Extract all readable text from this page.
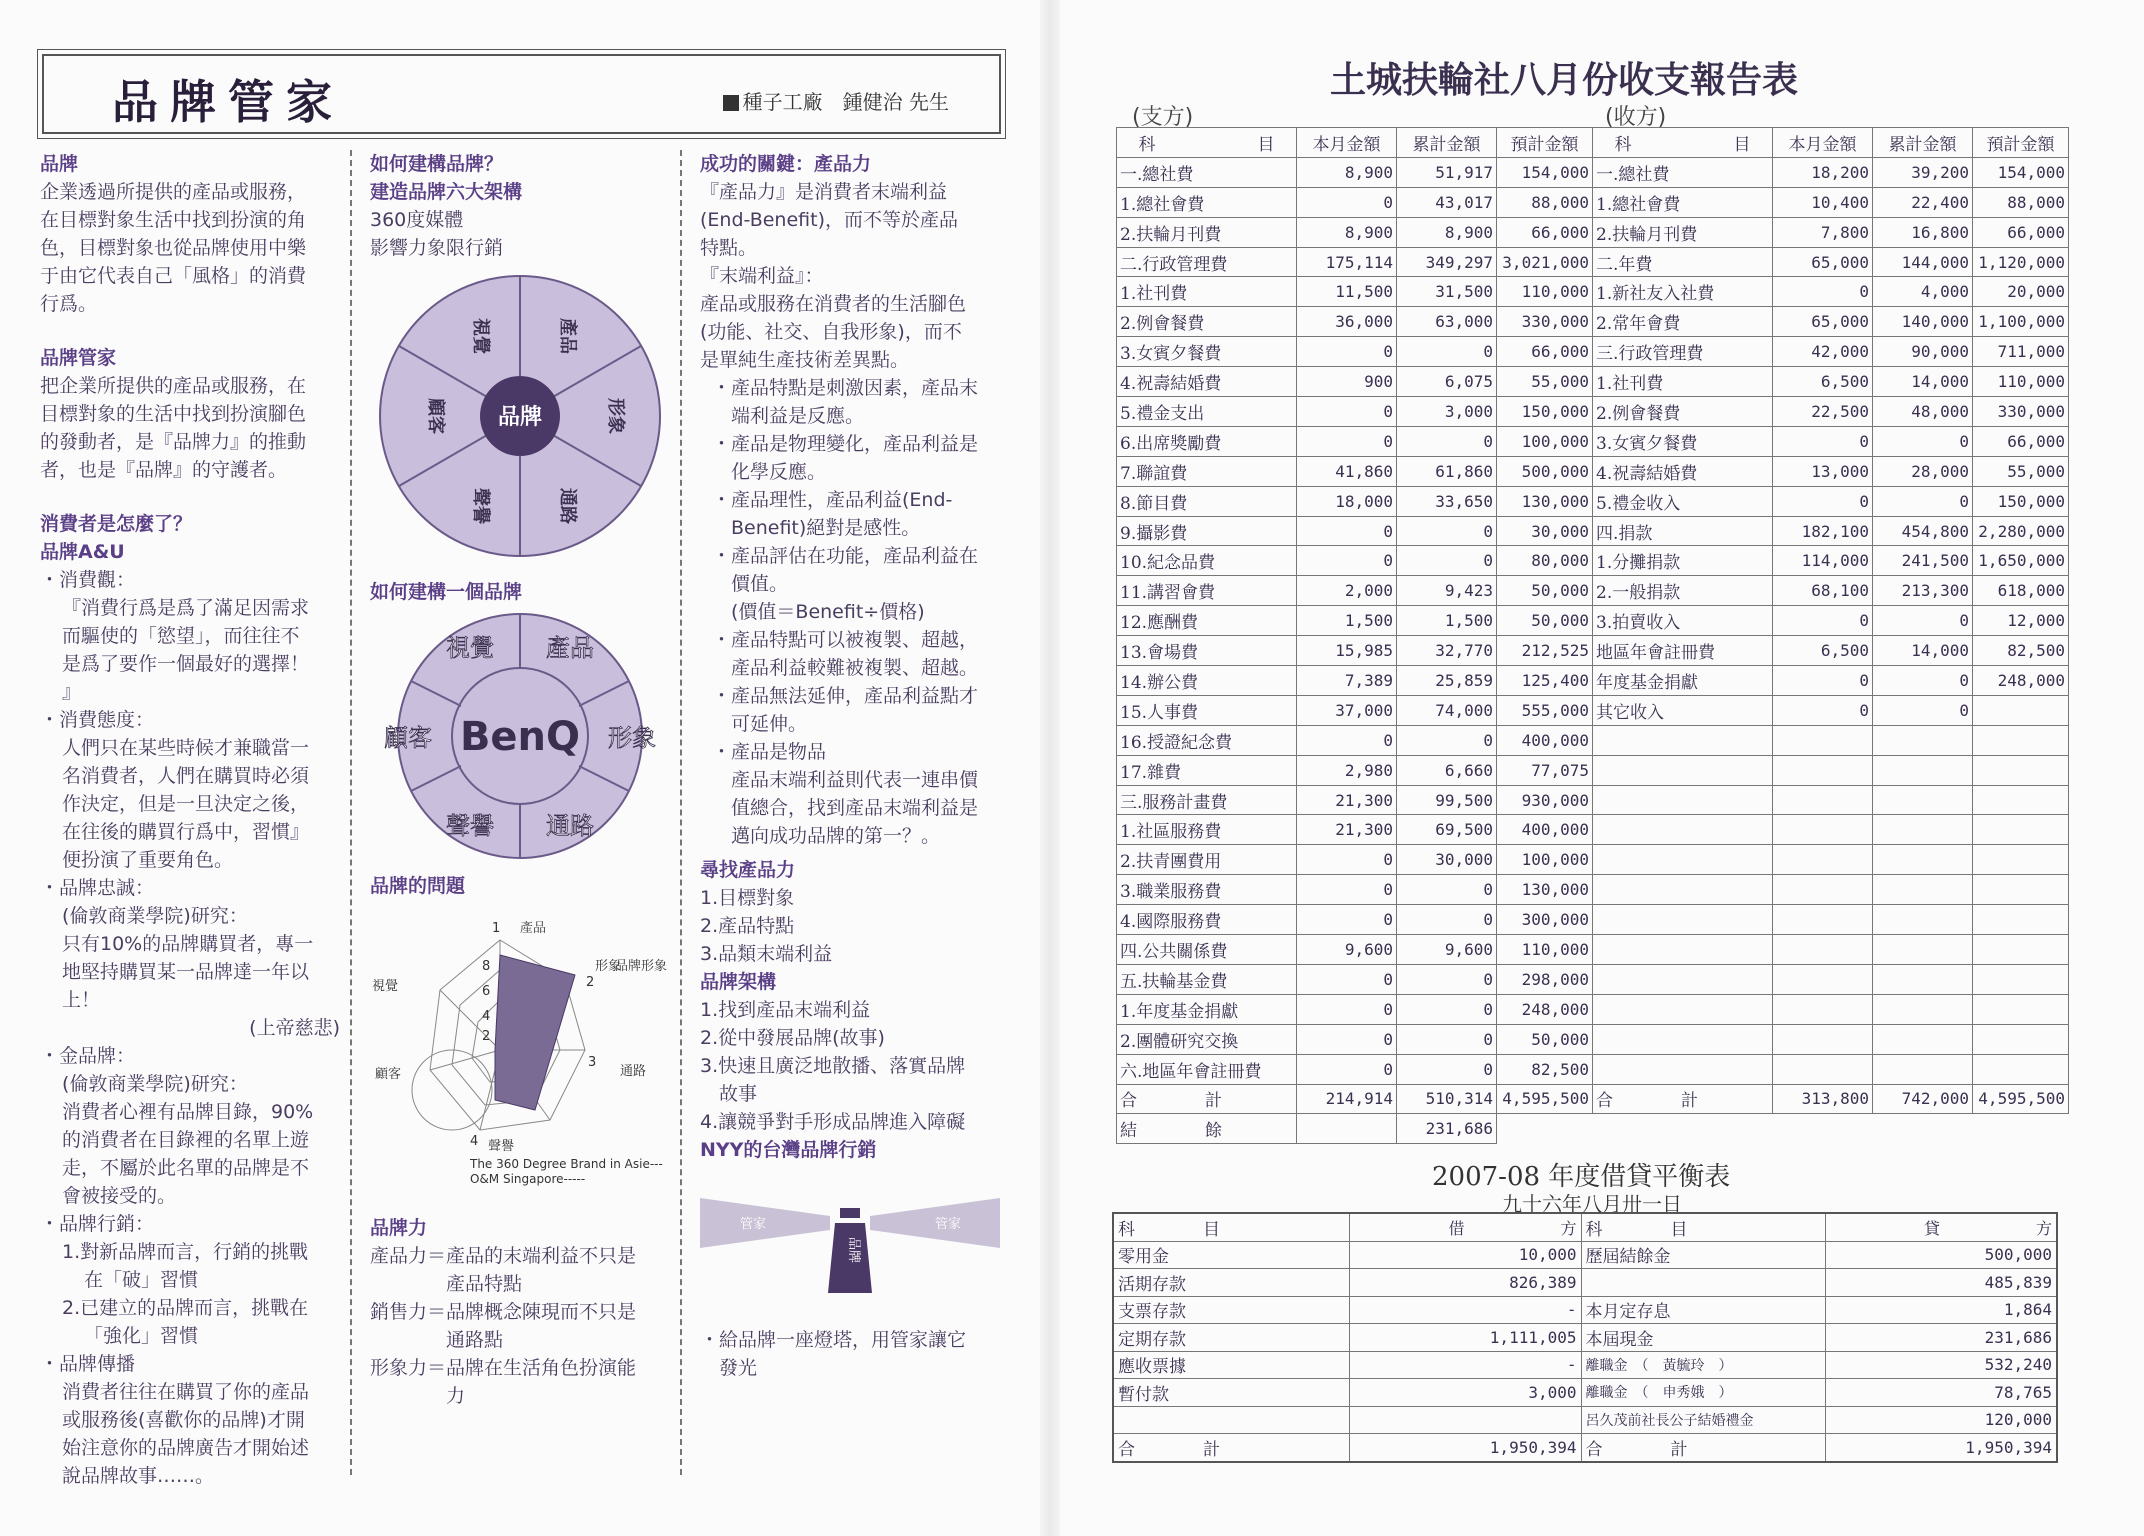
品牌管家	種子工廠　鍾健治 先生
品牌

企業透過所提供的產品或服務，

在目標對象生活中找到扮演的角

色，目標對象也從品牌使用中樂

于由它代表自己「風格」的消費

行爲。

品牌管家

把企業所提供的產品或服務，在

目標對象的生活中找到扮演腳色

的發動者，是『品牌力』的推動

者，也是『品牌』的守護者。

消費者是怎麼了？
品牌A&U

・消費觀：

『消費行爲是爲了滿足因需求

而驅使的「慾望」，而往往不

是爲了要作一個最好的選擇！

』

・消費態度：

人們只在某些時候才兼職當一

名消費者，人們在購買時必須

作決定，但是一旦決定之後，

在往後的購買行爲中，習慣』

便扮演了重要角色。

・品牌忠誠：

(倫敦商業學院)研究：

只有10%的品牌購買者，專一

地堅持購買某一品牌達一年以

上！

(上帝慈悲)

・金品牌：

(倫敦商業學院)研究：

消費者心裡有品牌目錄，90%

的消費者在目錄裡的名單上遊

走，不屬於此名單的品牌是不

會被接受的。

・品牌行銷：

1.對新品牌而言，行銷的挑戰

在「破」習慣

2.已建立的品牌而言，挑戰在

「強化」習慣

・品牌傳播

消費者往往在購買了你的產品

或服務後(喜歡你的品牌)才開

始注意你的品牌廣告才開始述

說品牌故事……。

如何建構品牌？
建造品牌六大架構

360度媒體

影響力象限行銷

品牌
產品
形象
通路
聲譽
顧客
視覺
如何建構一個品牌
BenQ
產品
形象
通路
聲譽
顧客
視覺
品牌的問題
產品
形象
品牌形象
通路
聲譽
顧客
視覺
1
2
3
4
8
6
4
2
The 360 Degree Brand in Asie---
O&M Singapore-----
品牌力

產品力＝產品的末端利益不只是

　　　　產品特點

銷售力＝品牌概念陳現而不只是

　　　　通路點

形象力＝品牌在生活角色扮演能

　　　　力

成功的關鍵：產品力

『產品力』是消費者末端利益

(End-Benefit)，而不等於產品

特點。

『末端利益』：

產品或服務在消費者的生活腳色

(功能、社交、自我形象)，而不

是單純生產技術差異點。

・產品特點是刺激因素，產品末

　端利益是反應。

・產品是物理變化，產品利益是

　化學反應。

・產品理性，產品利益(End-

　Benefit)絕對是感性。

・產品評估在功能，產品利益在

　價值。

　(價值＝Benefit÷價格)

・產品特點可以被複製、超越，

　產品利益較難被複製、超越。

・產品無法延伸，產品利益點才

　可延伸。

・產品是物品

　產品末端利益則代表一連串價

　值總合，找到產品末端利益是

　邁向成功品牌的第一？。

尋找產品力

1.目標對象

2.產品特點

3.品類末端利益

品牌架構

1.找到產品末端利益

2.從中發展品牌(故事)

3.快速且廣泛地散播、落實品牌

　故事

4.讓競爭對手形成品牌進入障礙

NYY的台灣品牌行銷
管家	管家
品牌

・給品牌一座燈塔，用管家讓它

　發光

土城扶輪社八月份收支報告表
(支方)	(收方)
科　　　　　　目	本月金額	累計金額	預計金額	科　　　　　　目	本月金額	累計金額	預計金額
一.總社費	8,900	51,917	154,000	一.總社費	18,200	39,200	154,000
1.總社會費	0	43,017	88,000	1.總社會費	10,400	22,400	88,000
2.扶輪月刊費	8,900	8,900	66,000	2.扶輪月刊費	7,800	16,800	66,000
二.行政管理費	175,114	349,297	3,021,000	二.年費	65,000	144,000	1,120,000
1.社刊費	11,500	31,500	110,000	1.新社友入社費	0	4,000	20,000
2.例會餐費	36,000	63,000	330,000	2.常年會費	65,000	140,000	1,100,000
3.女賓夕餐費	0	0	66,000	三.行政管理費	42,000	90,000	711,000
4.祝壽結婚費	900	6,075	55,000	1.社刊費	6,500	14,000	110,000
5.禮金支出	0	3,000	150,000	2.例會餐費	22,500	48,000	330,000
6.出席獎勵費	0	0	100,000	3.女賓夕餐費	0	0	66,000
7.聯誼費	41,860	61,860	500,000	4.祝壽結婚費	13,000	28,000	55,000
8.節目費	18,000	33,650	130,000	5.禮金收入	0	0	150,000
9.攝影費	0	0	30,000	四.捐款	182,100	454,800	2,280,000
10.紀念品費	0	0	80,000	1.分攤捐款	114,000	241,500	1,650,000
11.講習會費	2,000	9,423	50,000	2.一般捐款	68,100	213,300	618,000
12.應酬費	1,500	1,500	50,000	3.拍賣收入	0	0	12,000
13.會場費	15,985	32,770	212,525	地區年會註冊費	6,500	14,000	82,500
14.辦公費	7,389	25,859	125,400	年度基金捐獻	0	0	248,000
15.人事費	37,000	74,000	555,000	其它收入	0	0	
16.授證紀念費	0	0	400,000				
17.雜費	2,980	6,660	77,075				
三.服務計畫費	21,300	99,500	930,000				
1.社區服務費	21,300	69,500	400,000				
2.扶青團費用	0	30,000	100,000				
3.職業服務費	0	0	130,000				
4.國際服務費	0	0	300,000				
四.公共關係費	9,600	9,600	110,000				
五.扶輪基金費	0	0	298,000				
1.年度基金捐獻	0	0	248,000				
2.團體研究交換	0	0	50,000				
六.地區年會註冊費	0	0	82,500				
合　　　　計	214,914	510,314	4,595,500	合　　　　計	313,800	742,000	4,595,500
結　　　　餘		231,686					
2007-08 年度借貸平衡表
九十六年八月卅一日
科　　　　目	借　　　　　　方	科　　　　目	貸　　　　　　方
零用金	10,000	歷屆結餘金	500,000
活期存款	826,389		485,839
支票存款	-	本月定存息	1,864
定期存款	1,111,005	本屆現金	231,686
應收票據	-	離職金　（　黃毓玲　）	532,240
暫付款	3,000	離職金　（　申秀娥　）	78,765
		呂久茂前社長公子結婚禮金	120,000
合　　　　計	1,950,394	合　　　　計	1,950,394
